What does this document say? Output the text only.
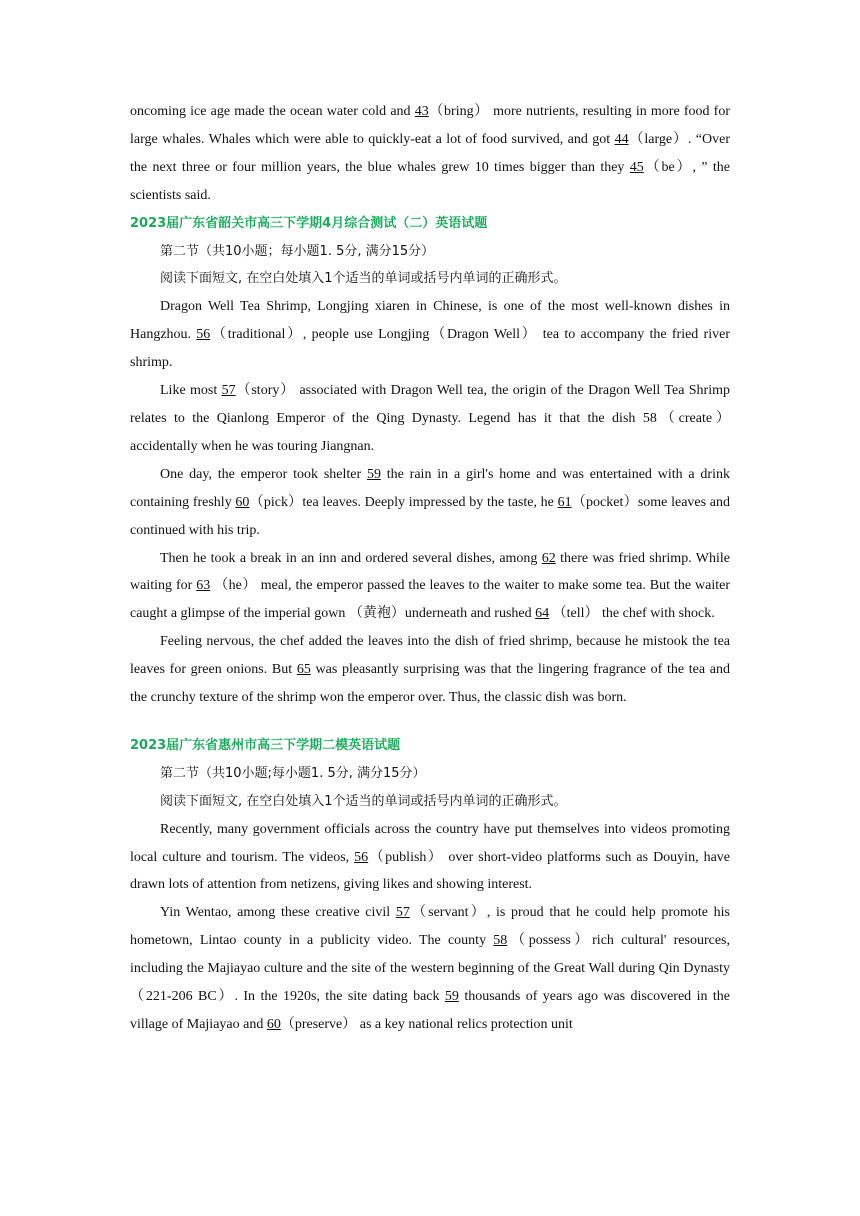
oncoming ice age made the ocean water cold and 43（bring） more nutrients, resulting in more food for large whales. Whales which were able to quickly-eat a lot of food survived, and got 44（large）. “Over the next three or four million years, the blue whales grew 10 times bigger than they 45（be）, ” the scientists said.

2023届广东省韶关市高三下学期4月综合测试（二）英语试题

第二节（共10小题；每小题1. 5分, 满分15分）

阅读下面短文, 在空白处填入1个适当的单词或括号内单词的正确形式。

Dragon Well Tea Shrimp, Longjing xiaren in Chinese, is one of the most well-known dishes in Hangzhou. 56（traditional）, people use Longjing（Dragon Well） tea to accompany the fried river shrimp.

Like most 57（story） associated with Dragon Well tea, the origin of the Dragon Well Tea Shrimp relates to the Qianlong Emperor of the Qing Dynasty. Legend has it that the dish 58（create） accidentally when he was touring Jiangnan.

One day, the emperor took shelter 59 the rain in a girl's home and was entertained with a drink containing freshly 60（pick）tea leaves. Deeply impressed by the taste, he 61（pocket）some leaves and continued with his trip.

Then he took a break in an inn and ordered several dishes, among 62 there was fried shrimp. While waiting for 63 （he） meal, the emperor passed the leaves to the waiter to make some tea. But the waiter caught a glimpse of the imperial gown （黄袍）underneath and rushed 64 （tell） the chef with shock.

Feeling nervous, the chef added the leaves into the dish of fried shrimp, because he mistook the tea leaves for green onions. But 65 was pleasantly surprising was that the lingering fragrance of the tea and the crunchy texture of the shrimp won the emperor over. Thus, the classic dish was born.

2023届广东省惠州市高三下学期二模英语试题

第二节（共10小题;每小题1. 5分, 满分15分）

阅读下面短文, 在空白处填入1个适当的单词或括号内单词的正确形式。

Recently, many government officials across the country have put themselves into videos promoting local culture and tourism. The videos, 56（publish） over short-video platforms such as Douyin, have drawn lots of attention from netizens, giving likes and showing interest.

Yin Wentao, among these creative civil 57（servant）, is proud that he could help promote his hometown, Lintao county in a publicity video. The county 58（possess）rich cultural' resources, including the Majiayao culture and the site of the western beginning of the Great Wall during Qin Dynasty （221-206 BC）. In the 1920s, the site dating back 59 thousands of years ago was discovered in the village of Majiayao and 60（preserve） as a key national relics protection unit
